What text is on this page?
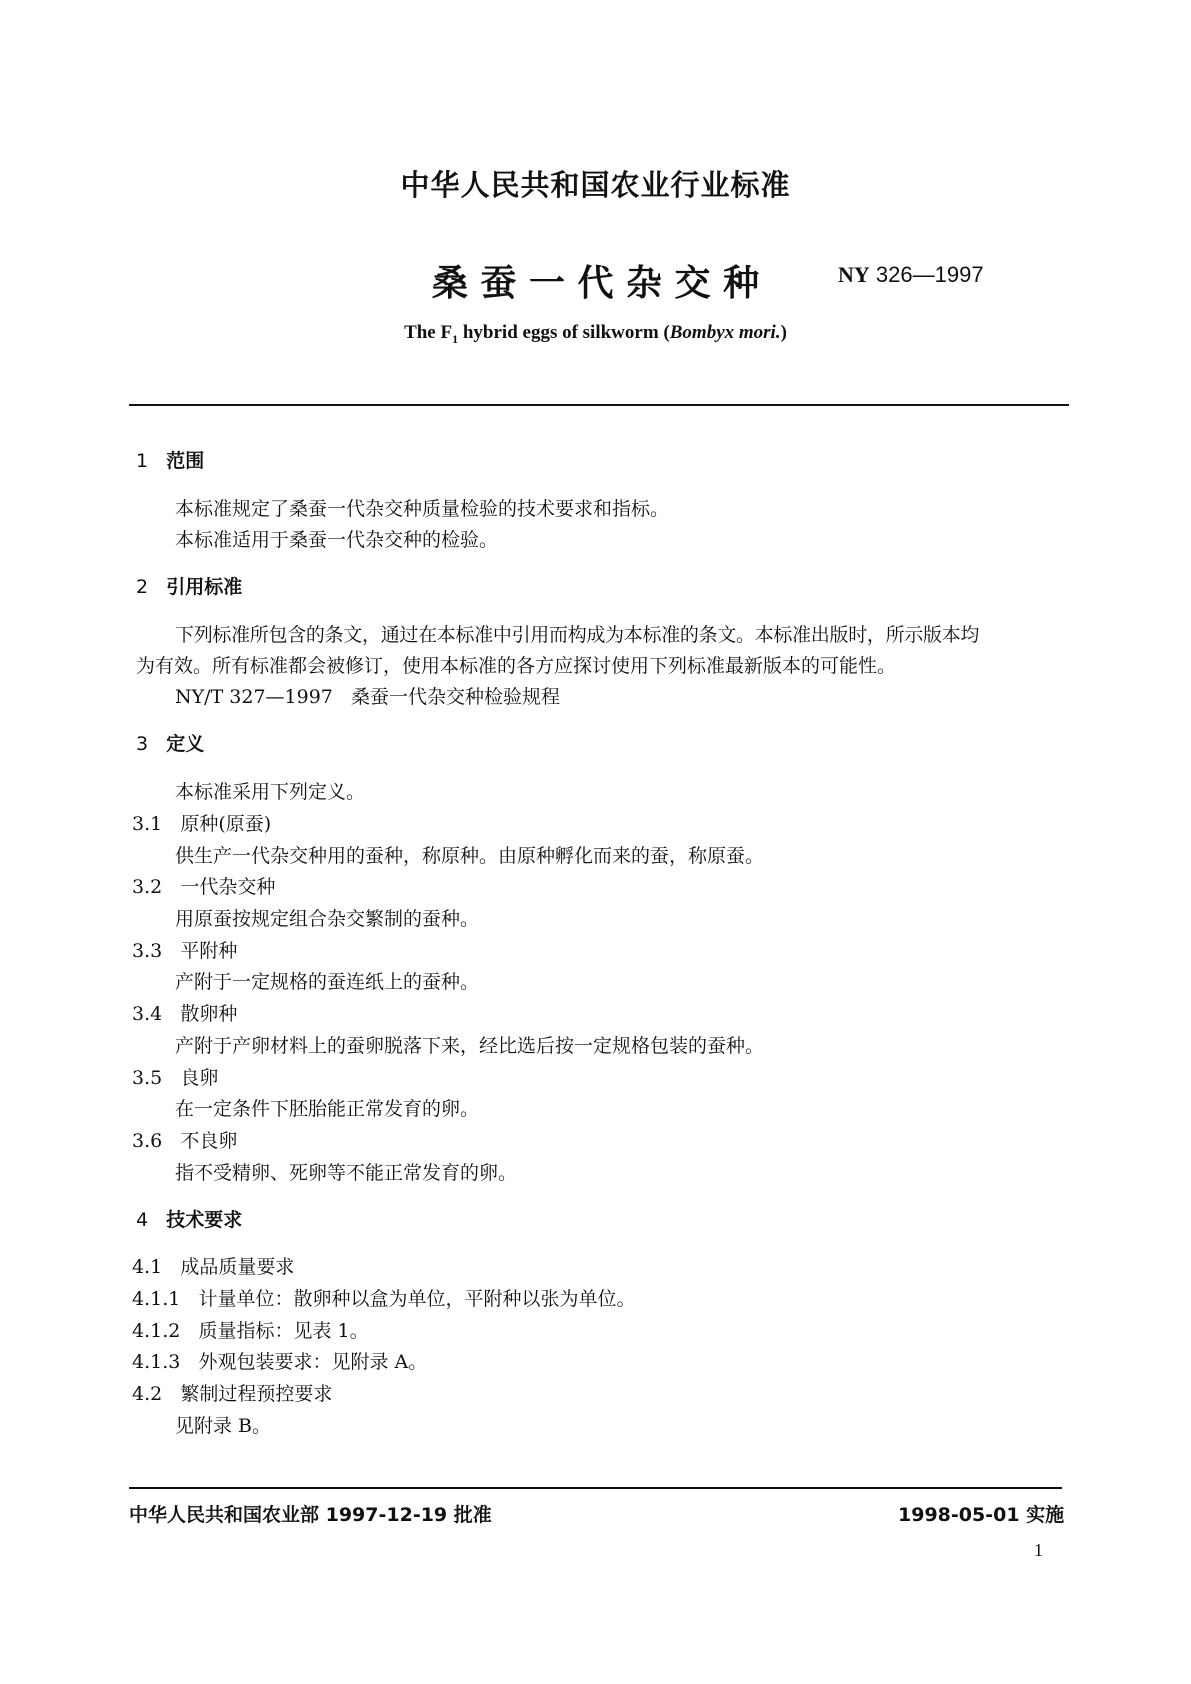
中华人民共和国农业行业标准
桑 蚕 一 代 杂 交 种	NY 326—1997
The $F_1$ hybrid eggs of silkworm (Bombyx mori.)
1 范围
本标准规定了桑蚕一代杂交种质量检验的技术要求和指标。
本标准适用于桑蚕一代杂交种的检验。
2 引用标准
下列标准所包含的条文，通过在本标准中引用而构成为本标准的条文。本标准出版时，所示版本均
为有效。所有标准都会被修订，使用本标准的各方应探讨使用下列标准最新版本的可能性。
NY/T 327—1997 桑蚕一代杂交种检验规程
3 定义
本标准采用下列定义。
3.1 原种(原蚕)
供生产一代杂交种用的蚕种，称原种。由原种孵化而来的蚕，称原蚕。
3.2 一代杂交种
用原蚕按规定组合杂交繁制的蚕种。
3.3 平附种
产附于一定规格的蚕连纸上的蚕种。
3.4 散卵种
产附于产卵材料上的蚕卵脱落下来，经比选后按一定规格包装的蚕种。
3.5 良卵
在一定条件下胚胎能正常发育的卵。
3.6 不良卵
指不受精卵、死卵等不能正常发育的卵。
4 技术要求
4.1 成品质量要求
4.1.1 计量单位：散卵种以盒为单位，平附种以张为单位。
4.1.2 质量指标：见表 1。
4.1.3 外观包装要求：见附录 A。
4.2 繁制过程预控要求
见附录 B。
中华人民共和国农业部 1997-12-19 批准	1998-05-01 实施
1
